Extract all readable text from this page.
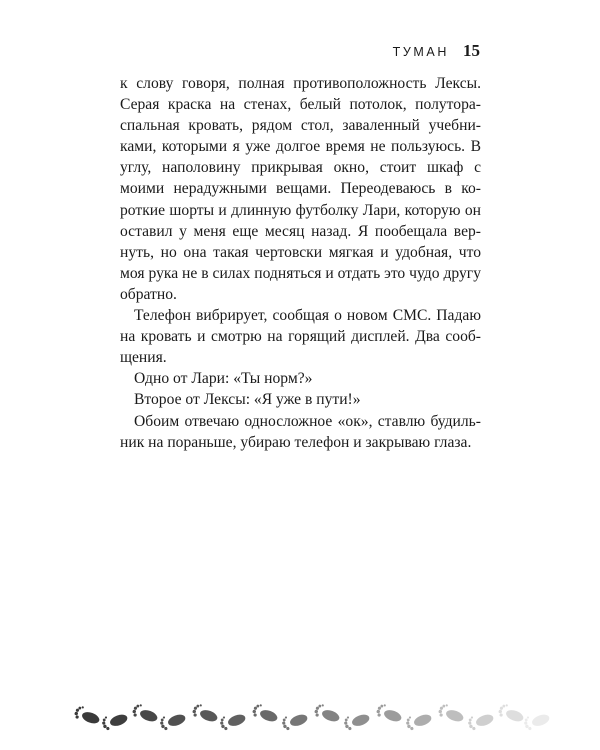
ТУМАН 15

к слову говоря, полная противоположность Лексы. Серая краска на стенах, белый потолок, полутораспальная кровать, рядом стол, заваленный учебниками, которыми я уже долгое время не пользуюсь. В углу, наполовину прикрывая окно, стоит шкаф с моими нерадужными вещами. Переодеваюсь в короткие шорты и длинную футболку Лари, которую он оставил у меня еще месяц назад. Я пообещала вернуть, но она такая чертовски мягкая и удобная, что моя рука не в силах подняться и отдать это чудо другу обратно.

Телефон вибрирует, сообщая о новом СМС. Падаю на кровать и смотрю на горящий дисплей. Два сообщения.

Одно от Лари: «Ты норм?»

Второе от Лексы: «Я уже в пути!»

Обоим отвечаю односложное «ок», ставлю будильник на пораньше, убираю телефон и закрываю глаза.
